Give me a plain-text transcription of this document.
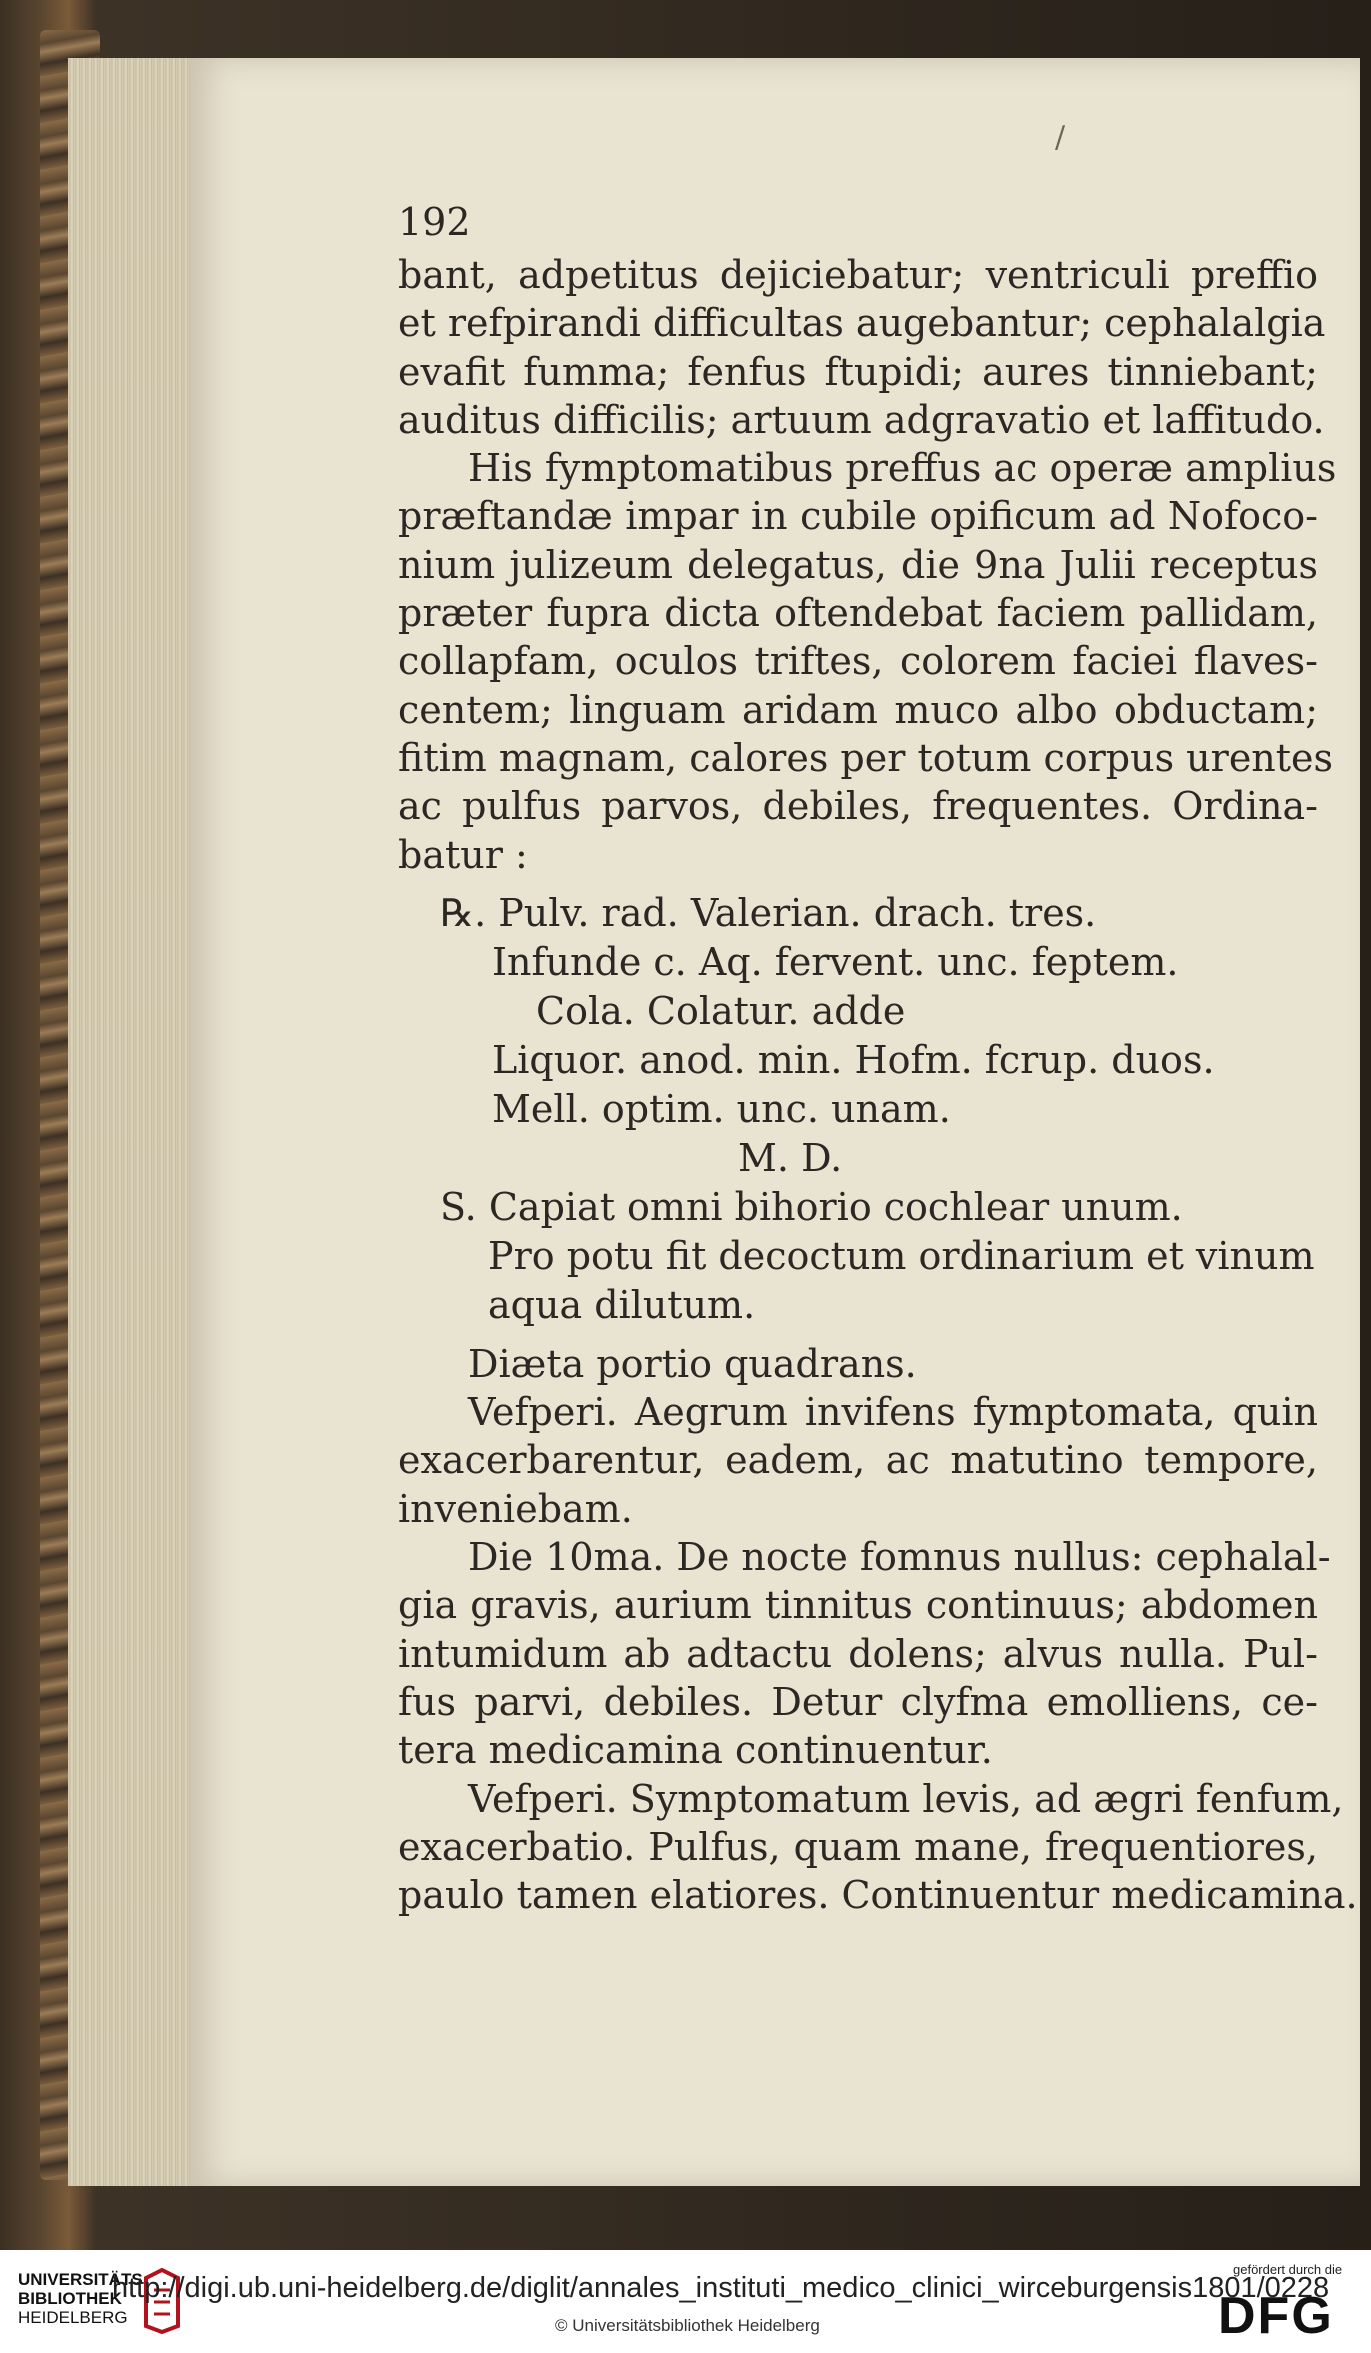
/
192
bant, adpetitus dejiciebatur; ventriculi preffio
et refpirandi difficultas augebantur; cephalalgia
evafit fumma; fenfus ftupidi; aures tinniebant;
auditus difficilis; artuum adgravatio et laffitudo.
His fymptomatibus preffus ac operæ amplius
præftandæ impar in cubile opificum ad Nofoco-
nium julizeum delegatus, die 9na Julii receptus
præter fupra dicta oftendebat faciem pallidam,
collapfam, oculos triftes, colorem faciei flaves-
centem; linguam aridam muco albo obductam;
fitim magnam, calores per totum corpus urentes
ac pulfus parvos, debiles, frequentes. Ordina-
batur :
℞. Pulv. rad. Valerian. drach. tres.
Infunde c. Aq. fervent. unc. feptem.
Cola. Colatur. adde
Liquor. anod. min. Hofm. fcrup. duos.
Mell. optim. unc. unam.
M. D.
S. Capiat omni bihorio cochlear unum.
Pro potu fit decoctum ordinarium et vinum
aqua dilutum.
Diæta portio quadrans.
Vefperi. Aegrum invifens fymptomata, quin
exacerbarentur, eadem, ac matutino tempore,
inveniebam.
Die 10ma. De nocte fomnus nullus: cephalal-
gia gravis, aurium tinnitus continuus; abdomen
intumidum ab adtactu dolens; alvus nulla. Pul-
fus parvi, debiles. Detur clyfma emolliens, ce-
tera medicamina continuentur.
Vefperi. Symptomatum levis, ad ægri fenfum,
exacerbatio. Pulfus, quam mane, frequentiores,
paulo tamen elatiores. Continuentur medicamina.
UNIVERSITÄTS
BIBLIOTHEK
HEIDELBERG
http://digi.ub.uni-heidelberg.de/diglit/annales_instituti_medico_clinici_wirceburgensis1801/0228
© Universitätsbibliothek Heidelberg
gefördert durch die
DFG
